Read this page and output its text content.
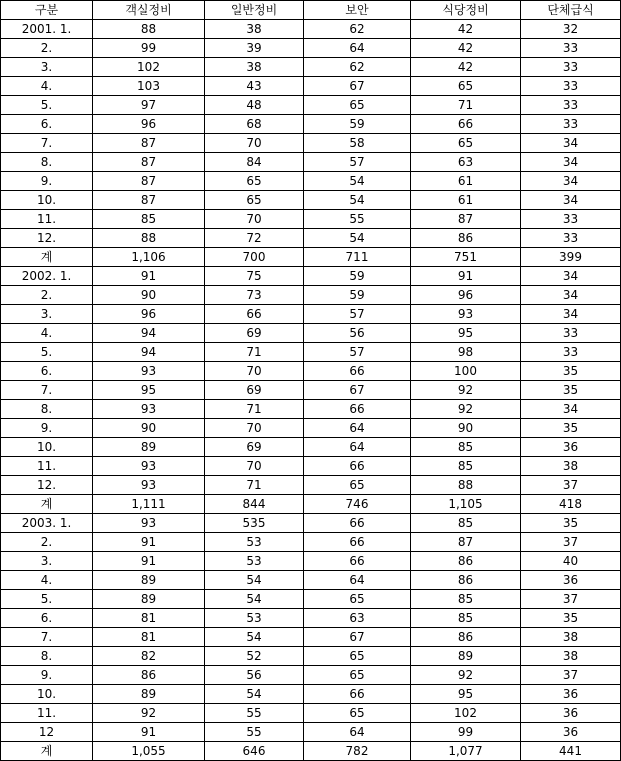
구분	객실정비	일반정비	보안	식당정비	단체급식
2001. 1.	88	38	62	42	32
2.	99	39	64	42	33
3.	102	38	62	42	33
4.	103	43	67	65	33
5.	97	48	65	71	33
6.	96	68	59	66	33
7.	87	70	58	65	34
8.	87	84	57	63	34
9.	87	65	54	61	34
10.	87	65	54	61	34
11.	85	70	55	87	33
12.	88	72	54	86	33
계	1,106	700	711	751	399
2002. 1.	91	75	59	91	34
2.	90	73	59	96	34
3.	96	66	57	93	34
4.	94	69	56	95	33
5.	94	71	57	98	33
6.	93	70	66	100	35
7.	95	69	67	92	35
8.	93	71	66	92	34
9.	90	70	64	90	35
10.	89	69	64	85	36
11.	93	70	66	85	38
12.	93	71	65	88	37
계	1,111	844	746	1,105	418
2003. 1.	93	535	66	85	35
2.	91	53	66	87	37
3.	91	53	66	86	40
4.	89	54	64	86	36
5.	89	54	65	85	37
6.	81	53	63	85	35
7.	81	54	67	86	38
8.	82	52	65	89	38
9.	86	56	65	92	37
10.	89	54	66	95	36
11.	92	55	65	102	36
12	91	55	64	99	36
계	1,055	646	782	1,077	441
